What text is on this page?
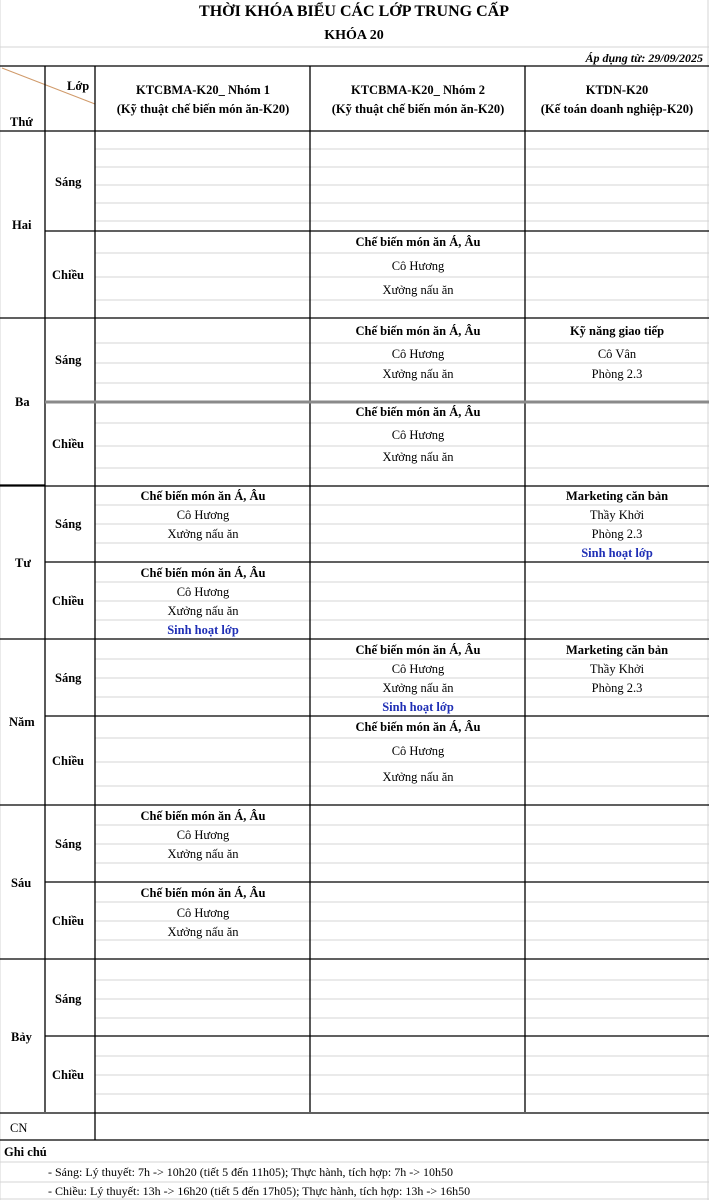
THỜI KHÓA BIỂU CÁC LỚP TRUNG CẤP
KHÓA 20
Áp dụng từ: 29/09/2025
Lớp
Thứ
KTCBMA-K20_ Nhóm 1
(Kỹ thuật chế biến món ăn-K20)
KTCBMA-K20_ Nhóm 2
(Kỹ thuật chế biến món ăn-K20)
KTDN-K20
(Kế toán doanh nghiệp-K20)
Hai
Ba
Tư
Năm
Sáu
Bảy
CN
Sáng
Chiều
Sáng
Chiều
Sáng
Chiều
Sáng
Chiều
Sáng
Chiều
Sáng
Chiều
Chế biến món ăn Á, Âu
Cô Hương
Xưởng nấu ăn
Chế biến món ăn Á, Âu
Cô Hương
Xưởng nấu ăn
Kỹ năng giao tiếp
Cô Vân
Phòng 2.3
Chế biến món ăn Á, Âu
Cô Hương
Xưởng nấu ăn
Chế biến món ăn Á, Âu
Cô Hương
Xưởng nấu ăn
Marketing căn bản
Thầy Khởi
Phòng 2.3
Sinh hoạt lớp
Chế biến món ăn Á, Âu
Cô Hương
Xưởng nấu ăn
Sinh hoạt lớp
Chế biến món ăn Á, Âu
Cô Hương
Xưởng nấu ăn
Sinh hoạt lớp
Marketing căn bản
Thầy Khởi
Phòng 2.3
Chế biến món ăn Á, Âu
Cô Hương
Xưởng nấu ăn
Chế biến món ăn Á, Âu
Cô Hương
Xưởng nấu ăn
Chế biến món ăn Á, Âu
Cô Hương
Xưởng nấu ăn
Ghi chú
- Sáng: Lý thuyết: 7h -> 10h20 (tiết 5 đến 11h05); Thực hành, tích hợp: 7h -> 10h50
- Chiều: Lý thuyết: 13h -> 16h20 (tiết 5 đến 17h05); Thực hành, tích hợp: 13h -> 16h50
